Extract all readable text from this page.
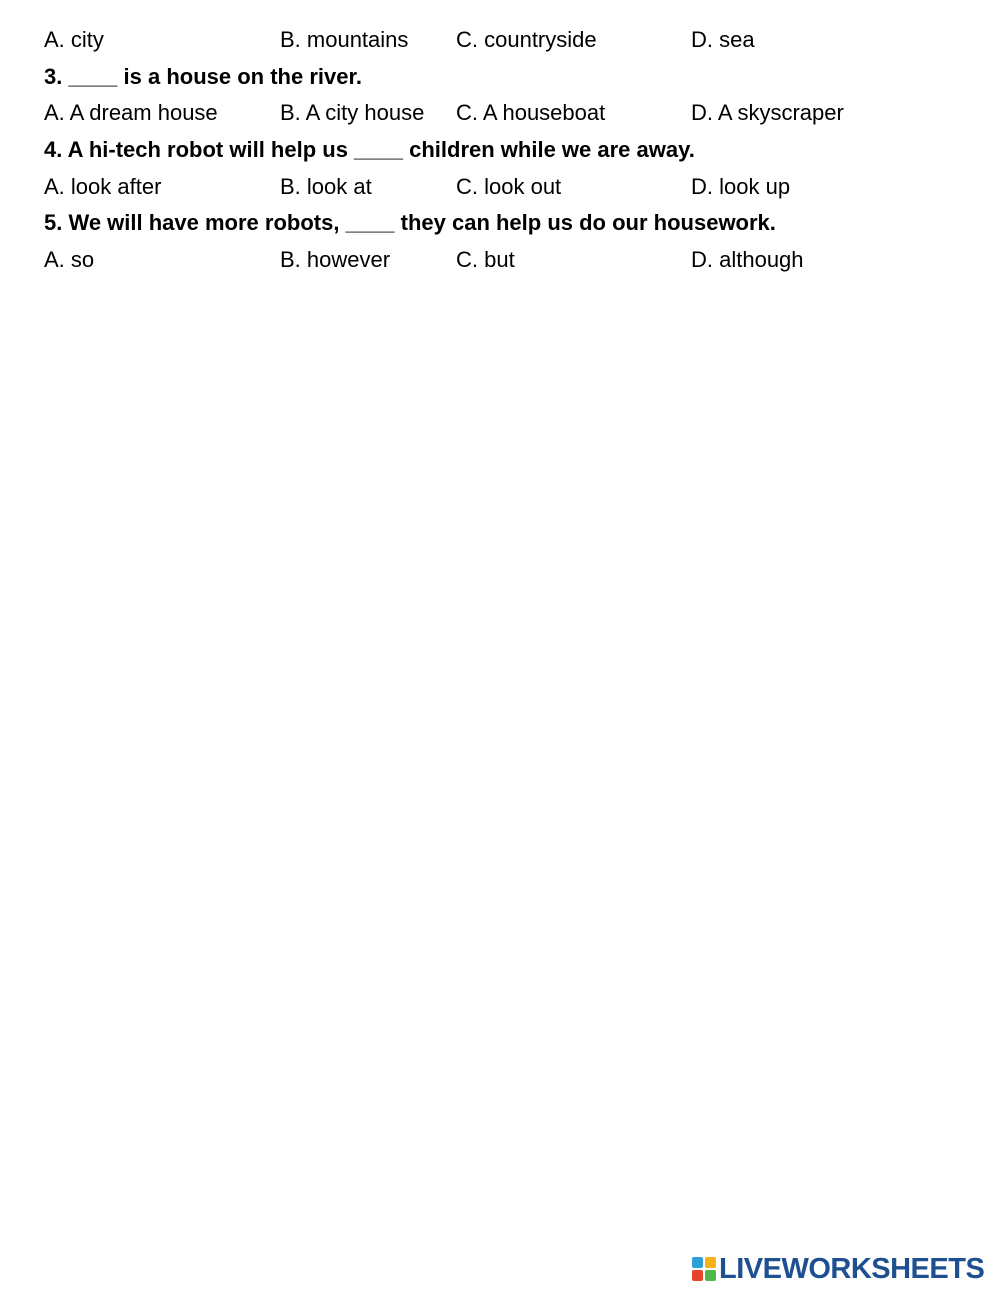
A. city	B. mountains C. countryside	D. sea
3. ____ is a house on the river.
A. A dream house	B. A city house C. A houseboat	D. A skyscraper
4. A hi-tech robot will help us ____ children while we are away.
A. look after	B. look at	C. look out	D. look up
5. We will have more robots, ____ they can help us do our housework.
A. so	B. however	C. but	D. although
LIVEWORKSHEETS
